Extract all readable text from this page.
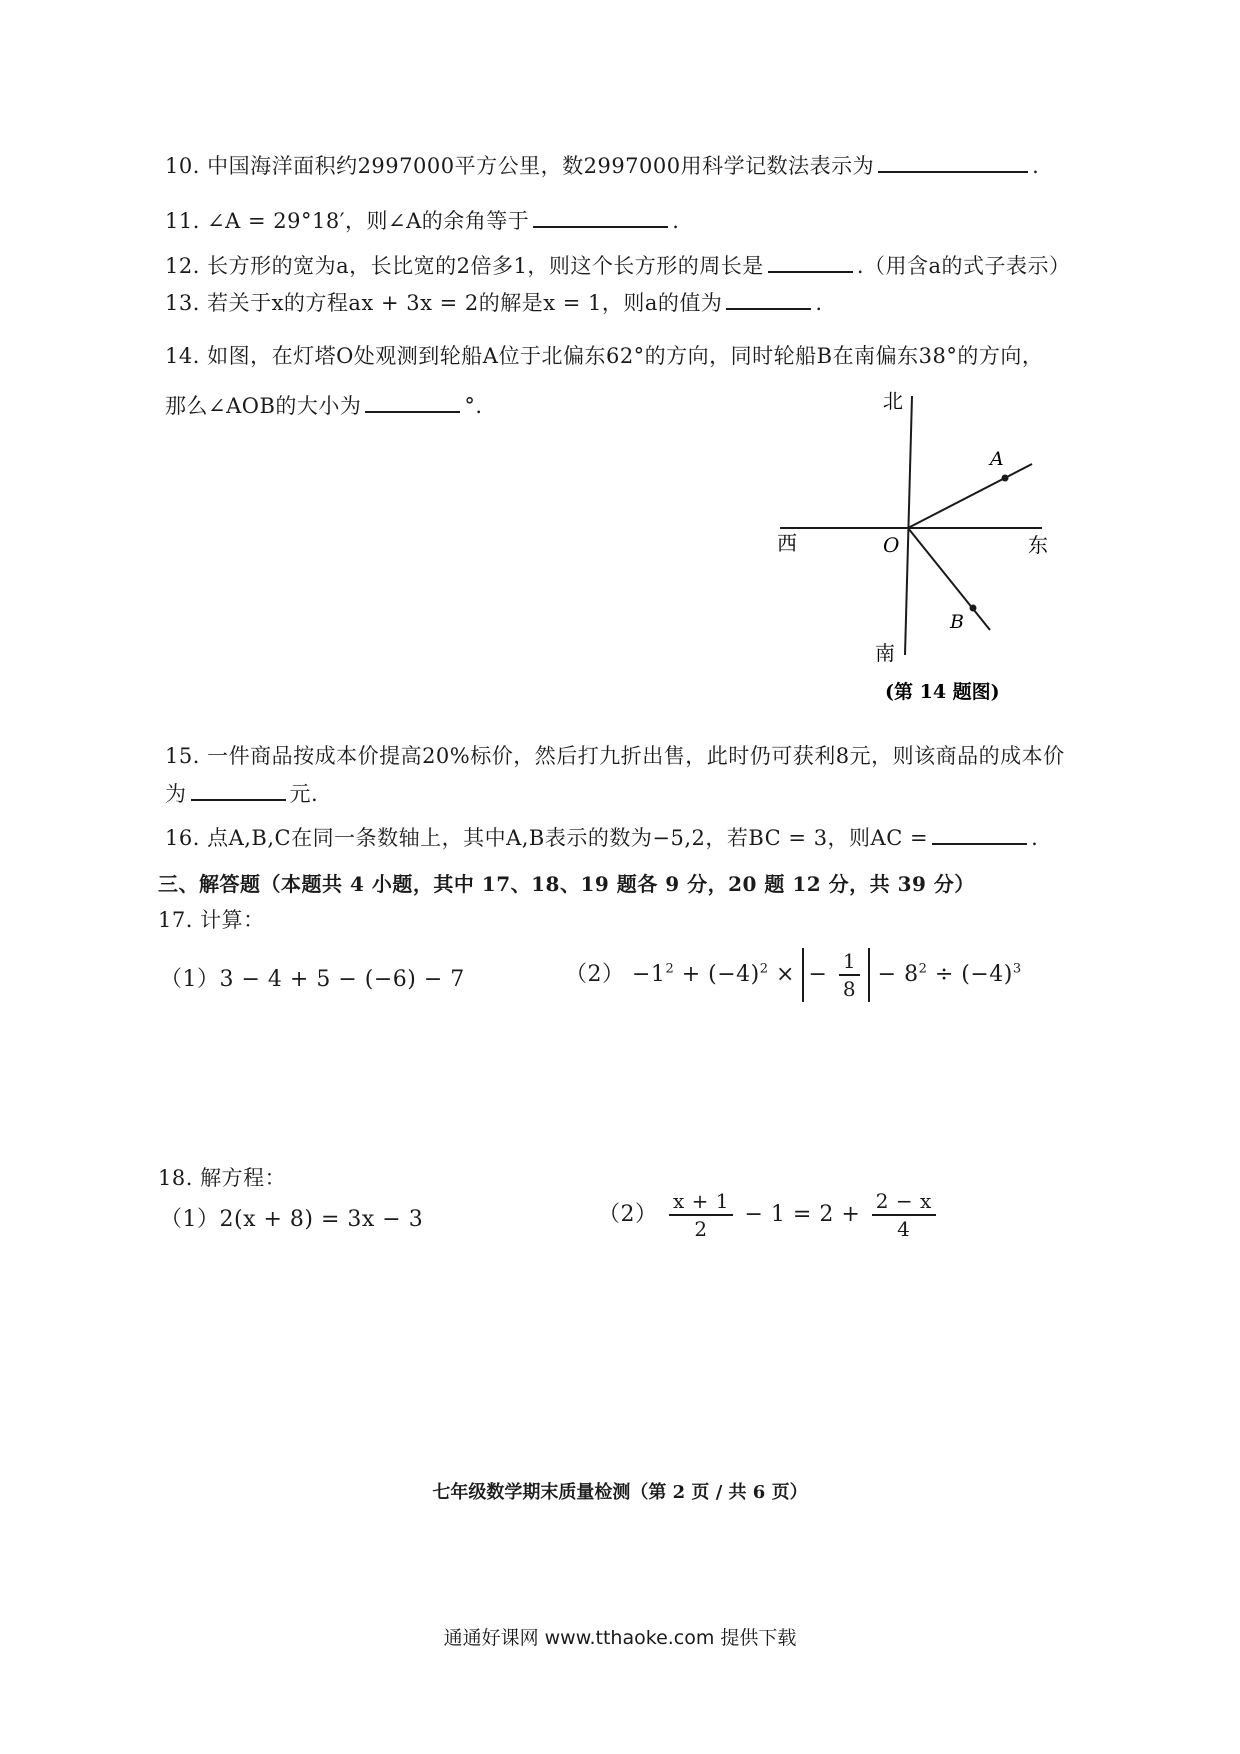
10. 中国海洋面积约2997000平方公里，数2997000用科学记数法表示为	.
11. ∠A = 29°18′，则∠A的余角等于	.
12. 长方形的宽为a，长比宽的2倍多1，则这个长方形的周长是	.（用含a的式子表示）
13. 若关于x的方程ax + 3x = 2的解是x = 1，则a的值为	.
14. 如图，在灯塔O处观测到轮船A位于北偏东62°的方向，同时轮船B在南偏东38°的方向，
那么∠AOB的大小为	°.	北
南
西	东
O
A
B
(第 14 题图)
15. 一件商品按成本价提高20%标价，然后打九折出售，此时仍可获利8元，则该商品的成本价
为	元.
16. 点A,B,C在同一条数轴上，其中A,B表示的数为−5,2，若BC = 3，则AC =	.
三、解答题（本题共 4 小题，其中 17、18、19 题各 9 分，20 题 12 分，共 39 分）
17. 计算：
（1）3 − 4 + 5 − (−6) − 7	$(2) -1^2 + (-4)^2$ × − $\frac{1}{8} - 8^2 \div (-4)^3$
18. 解方程：
（1）2(x + 8) = 3x − 3	$(2) \frac{x + 1}{2} - 1 = 2 + \frac{2 - x}{4}$
七年级数学期末质量检测（第 2 页 / 共 6 页）
通通好课网 www.tthaoke.com 提供下载
